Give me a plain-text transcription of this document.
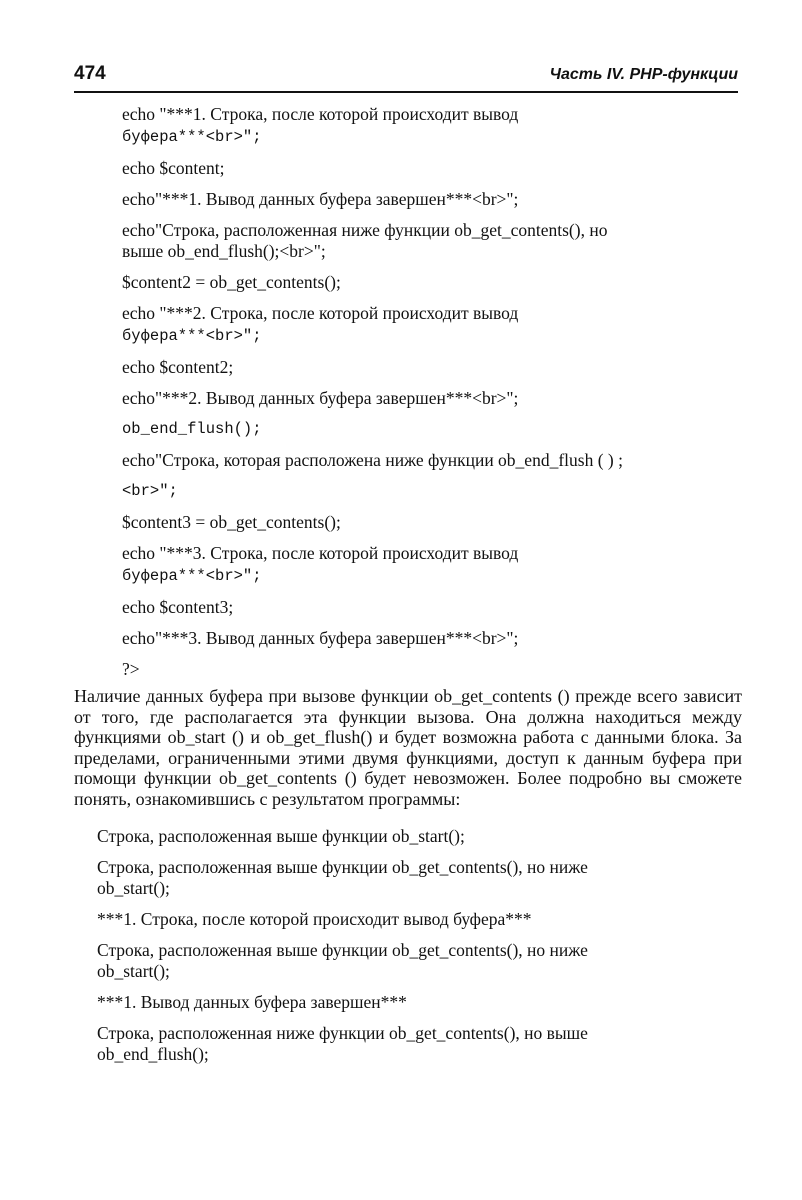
474	Часть IV. PHP-функции
echo "***1. Строка, после которой происходит вывод
буфера***<br>";
echo $content;
echo"***1. Вывод данных буфера завершен***<br>";
echo"Строка, расположенная ниже функции ob_get_contents(), но
выше ob_end_flush();<br>";
$content2 = ob_get_contents();
echo "***2. Строка, после которой происходит вывод
буфера***<br>";
echo $content2;
echo"***2. Вывод данных буфера завершен***<br>";
ob_end_flush();
echo"Строка, которая расположена ниже функции ob_end_flush ( ) ;
<br>";
$content3 = ob_get_contents();
echo "***3. Строка, после которой происходит вывод
буфера***<br>";
echo $content3;
echo"***3. Вывод данных буфера завершен***<br>";
?>
Наличие данных буфера при вызове функции ob_get_contents () прежде всего зависит от того, где располагается эта функции вызова. Она должна находиться между функциями ob_start () и ob_get_flush() и будет возможна работа с данными блока. За пределами, ограниченными этими двумя функциями, доступ к данным буфера при помощи функции ob_get_contents () будет невозможен. Более подробно вы сможете понять, ознакомившись с результатом программы:
Строка, расположенная выше функции ob_start();
Строка, расположенная выше функции ob_get_contents(), но ниже
ob_start();
***1. Строка, после которой происходит вывод буфера***
Строка, расположенная выше функции ob_get_contents(), но ниже
ob_start();
***1. Вывод данных буфера завершен***
Строка, расположенная ниже функции ob_get_contents(), но выше
ob_end_flush();
